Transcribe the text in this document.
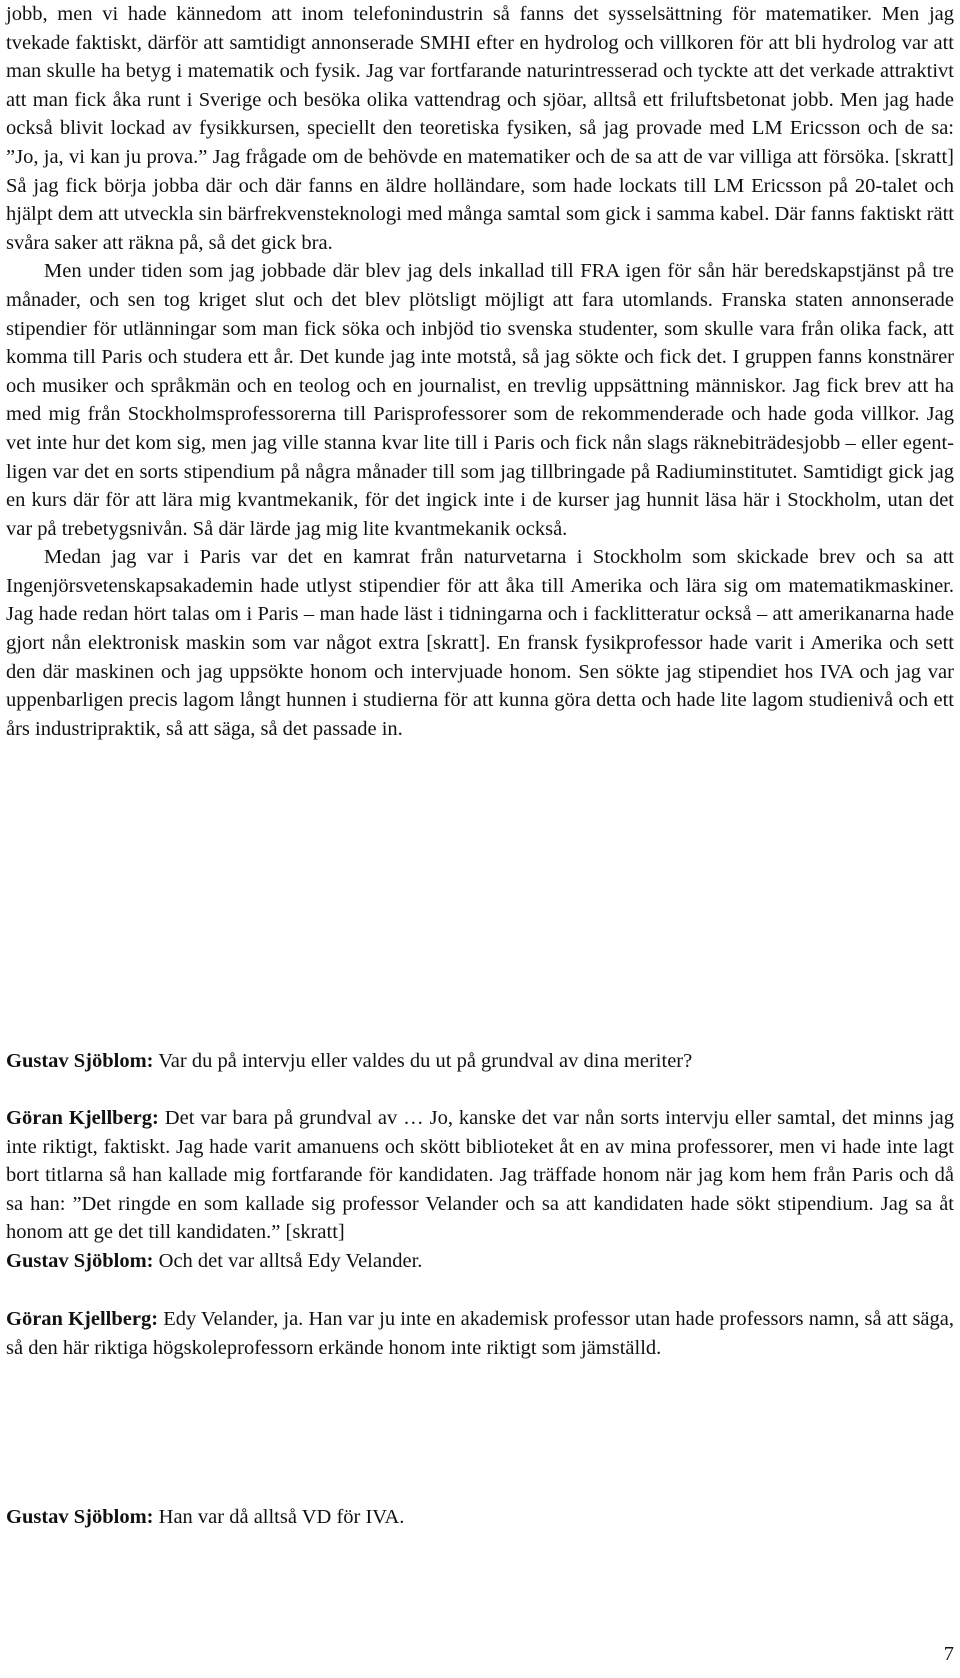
jobb, men vi hade kännedom att inom telefonindustrin så fanns det sysselsättning för matematiker. Men jag tvekade faktiskt, därför att samtidigt annonserade SMHI efter en hydrolog och villkoren för att bli hydrolog var att man skulle ha betyg i matematik och fysik. Jag var fortfarande naturintresserad och tyckte att det verkade attraktivt att man fick åka runt i Sverige och besöka olika vattendrag och sjöar, alltså ett friluftsbetonat jobb. Men jag hade också blivit lockad av fysikkursen, speciellt den teoretiska fysiken, så jag provade med LM Ericsson och de sa: ”Jo, ja, vi kan ju prova.” Jag frågade om de behövde en matematiker och de sa att de var villiga att försöka. [skratt] Så jag fick börja jobba där och där fanns en äldre holländare, som hade lockats till LM Ericsson på 20-talet och hjälpt dem att utveckla sin bärfrekvensteknologi med många samtal som gick i samma kabel. Där fanns faktiskt rätt svåra saker att räkna på, så det gick bra.

Men under tiden som jag jobbade där blev jag dels inkallad till FRA igen för sån här beredskapstjänst på tre månader, och sen tog kriget slut och det blev plötsligt möjligt att fara utomlands. Franska staten annonserade stipendier för utlänningar som man fick söka och inbjöd tio svenska studenter, som skulle vara från olika fack, att komma till Paris och studera ett år. Det kunde jag inte motstå, så jag sökte och fick det. I gruppen fanns konstnärer och musiker och språkmän och en teolog och en journalist, en trevlig uppsättning människor. Jag fick brev att ha med mig från Stockholmsprofessorerna till Parisprofessorer som de rekommenderade och hade goda villkor. Jag vet inte hur det kom sig, men jag ville stanna kvar lite till i Paris och fick nån slags räknebiträdesjobb – eller egentligen var det en sorts stipendium på några månader till som jag tillbringade på Radiuminstitutet. Samtidigt gick jag en kurs där för att lära mig kvantmekanik, för det ingick inte i de kurser jag hunnit läsa här i Stockholm, utan det var på trebetygsnivån. Så där lärde jag mig lite kvantmekanik också.

Medan jag var i Paris var det en kamrat från naturvetarna i Stockholm som skickade brev och sa att Ingenjörsvetenskapsakademin hade utlyst stipendier för att åka till Amerika och lära sig om matematikmaskiner. Jag hade redan hört talas om i Paris – man hade läst i tidningarna och i facklitteratur också – att amerikanarna hade gjort nån elektronisk maskin som var något extra [skratt]. En fransk fysikprofessor hade varit i Amerika och sett den där maskinen och jag uppsökte honom och intervjuade honom. Sen sökte jag stipendiet hos IVA och jag var uppenbarligen precis lagom långt hunnen i studierna för att kunna göra detta och hade lite lagom studienivå och ett års industripraktik, så att säga, så det passade in.

Gustav Sjöblom: Var du på intervju eller valdes du ut på grundval av dina meriter?

Göran Kjellberg: Det var bara på grundval av … Jo, kanske det var nån sorts intervju eller samtal, det minns jag inte riktigt, faktiskt. Jag hade varit amanuens och skött biblioteket åt en av mina professorer, men vi hade inte lagt bort titlarna så han kallade mig fortfarande för kandidaten. Jag träffade honom när jag kom hem från Paris och då sa han: ”Det ringde en som kallade sig professor Velander och sa att kandidaten hade sökt stipendium. Jag sa åt honom att ge det till kandidaten.” [skratt]

Gustav Sjöblom: Och det var alltså Edy Velander.

Göran Kjellberg: Edy Velander, ja. Han var ju inte en akademisk professor utan hade professors namn, så att säga, så den här riktiga högskoleprofessorn erkände honom inte riktigt som jämställd.

Gustav Sjöblom: Han var då alltså VD för IVA.

7
